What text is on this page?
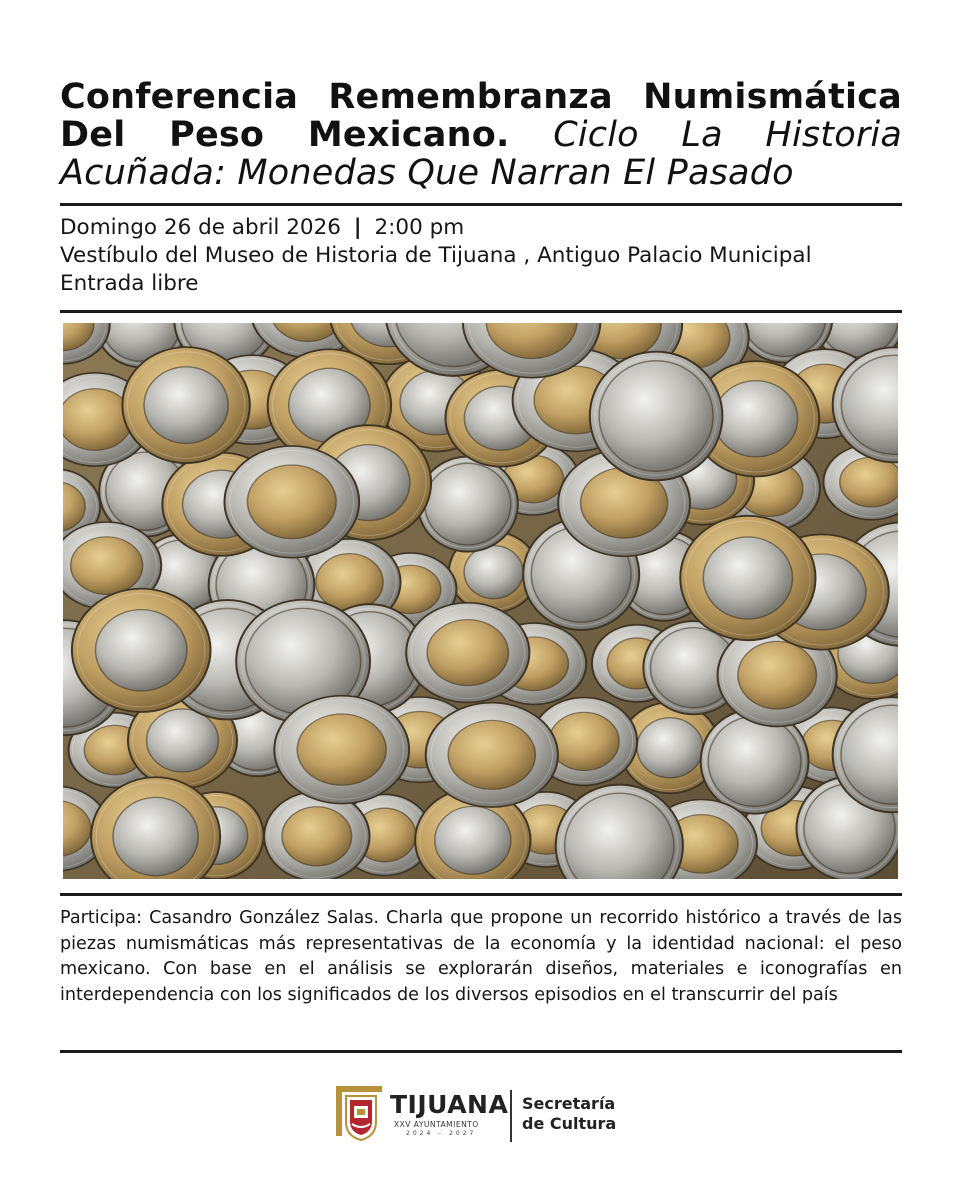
Conferencia Remembranza Numismática Del Peso Mexicano. Ciclo La Historia Acuñada: Monedas Que Narran El Pasado
Domingo 26 de abril 2026 | 2:00 pm
Vestíbulo del Museo de Historia de Tijuana , Antiguo Palacio Municipal
Entrada libre

Participa: Casandro González Salas. Charla que propone un recorrido histórico a través de las piezas numismáticas más representativas de la economía y la identidad nacional: el peso mexicano. Con base en el análisis se explorarán diseños, materiales e iconografías en interdependencia con los significados de los diversos episodios en el transcurrir del país

TIJUANA
XXV AYUNTAMIENTO
2024 – 2027
Secretaría
de Cultura
